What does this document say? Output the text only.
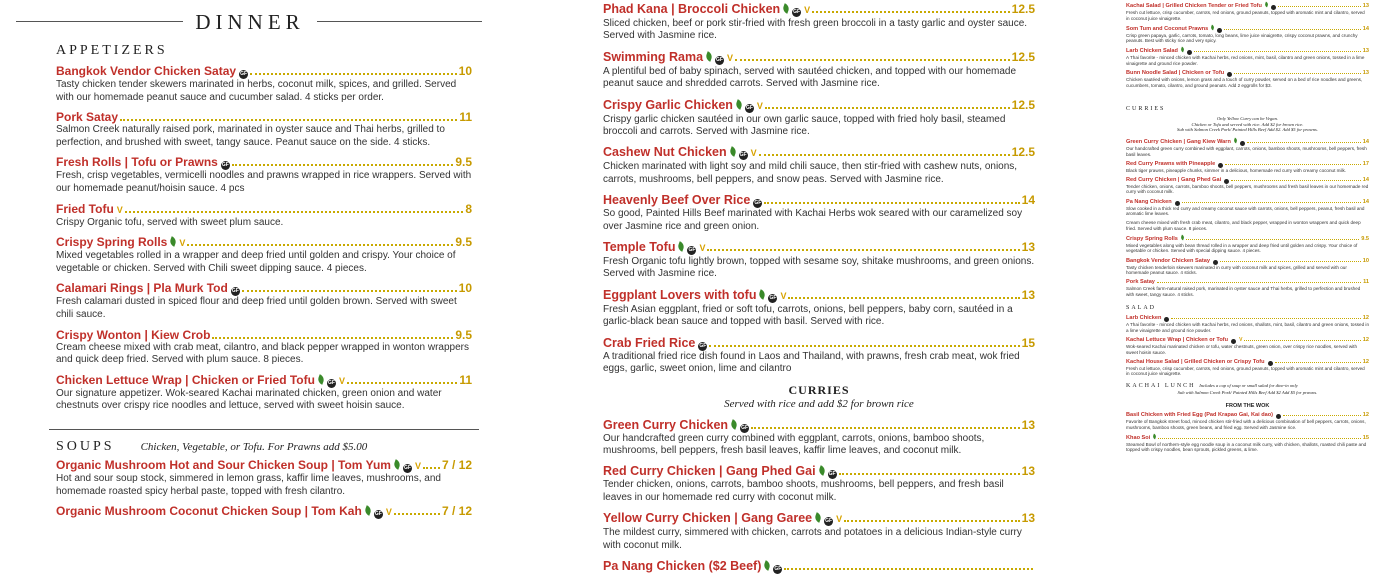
DINNER
APPETIZERS
Bangkok Vendor Chicken Satay GF	10
Tasty chicken tender skewers marinated in herbs, coconut milk, spices, and grilled. Served with our homemade peanut sauce and cucumber salad. 4 sticks per order.
Pork Satay	11
Salmon Creek naturally raised pork, marinated in oyster sauce and Thai herbs, grilled to perfection, and brushed with sweet, tangy sauce. Peanut sauce on the side. 4 sticks.
Fresh Rolls | Tofu or Prawns GF	9.5
Fresh, crisp vegetables, vermicelli noodles and prawns wrapped in rice wrappers. Served with our homemade peanut/hoisin sauce. 4 pcs
Fried Tofu V	8
Crispy Organic tofu, served with sweet plum sauce.
Crispy Spring Rolls V	9.5
Mixed vegetables rolled in a wrapper and deep fried until golden and crispy. Your choice of vegetable or chicken. Served with Chili sweet dipping sauce. 4 pieces.
Calamari Rings | Pla Murk Tod GF	10
Fresh calamari dusted in spiced flour and deep fried until golden brown. Served with sweet chili sauce.
Crispy Wonton | Kiew Crob	9.5
Cream cheese mixed with crab meat, cilantro, and black pepper wrapped in wonton wrappers and quick deep fried. Served with plum sauce. 8 pieces.
Chicken Lettuce Wrap | Chicken or Fried Tofu	GF V	11
Our signature appetizer. Wok-seared Kachai marinated chicken, green onion and water chestnuts over crispy rice noodles and lettuce, served with sweet hoisin sauce.
SOUPS Chicken, Vegetable, or Tofu. For Prawns add $5.00
Organic Mushroom Hot and Sour Chicken Soup | Tom Yum	GF V 7 / 12
Hot and sour soup stock, simmered in lemon grass, kaffir lime leaves, mushrooms, and homemade roasted spicy herbal paste, topped with fresh cilantro.
Organic Mushroom Coconut Chicken Soup | Tom Kah	GF V	7 / 12
Phad Kana | Broccoli Chicken	GF V	12.5
Sliced chicken, beef or pork stir-fried with fresh green broccoli in a tasty garlic and oyster sauce. Served with Jasmine rice.
Swimming Rama	GF V	12.5
A plentiful bed of baby spinach, served with sautéed chicken, and topped with our homemade peanut sauce and shredded carrots. Served with Jasmine rice.
Crispy Garlic Chicken	GF V	12.5
Crispy garlic chicken sautéed in our own garlic sauce, topped with fried holy basil, steamed broccoli and carrots. Served with Jasmine rice.
Cashew Nut Chicken	GF V	12.5
Chicken marinated with light soy and mild chili sauce, then stir-fried with cashew nuts, onions, carrots, mushrooms, bell peppers, and snow peas. Served with Jasmine rice.
Heavenly Beef Over Rice GF	14
So good, Painted Hills Beef marinated with Kachai Herbs wok seared with our caramelized soy over Jasmine rice and green onion.
Temple Tofu	GF V	13
Fresh Organic tofu lightly brown, topped with sesame soy, shitake mushrooms, and green onions. Served with Jasmine rice.
Eggplant Lovers with tofu	GF V	13
Fresh Asian eggplant, fried or soft tofu, carrots, onions, bell peppers, baby corn, sautéed in a garlic-black bean sauce and topped with basil. Served with rice.
Crab Fried Rice GF	15
A traditional fried rice dish found in Laos and Thailand, with prawns, fresh crab meat, wok fried eggs, garlic, sweet onion, lime and cilantro
CURRIES
Served with rice and add $2 for brown rice
Green Curry Chicken	GF	13
Our handcrafted green curry combined with eggplant, carrots, onions, bamboo shoots, mushrooms, bell peppers, fresh basil leaves, kaffir lime leaves, and coconut milk.
Red Curry Chicken | Gang Phed Gai	GF	13
Tender chicken, onions, carrots, bamboo shoots, mushrooms, bell peppers, and fresh basil leaves in our homemade red curry with coconut milk.
Yellow Curry Chicken | Gang Garee	GF V	13
The mildest curry, simmered with chicken, carrots and potatoes in a delicious Indian-style curry with coconut milk.
Pa Nang Chicken ($2 Beef)	GF
Kachai Salad | Grilled Chicken Tender or Fried Tofu	13
Fresh cut lettuce, crisp cucumber, carrots, red onions, ground peanuts, topped with aromatic mint and cilantro, served in coconut juice vinaigrette.
Som Tum and Coconut Prawns	14
Crisp green papaya, garlic, carrots, tomato, long beans, lime juice vinaigrette, crispy coconut prawns, and crunchy peanuts. Best with sticky rice and very spicy.
Larb Chicken Salad	13
A Thai favorite - minced chicken with Kachai herbs, red onions, mint, basil, cilantro and green onions, tossed in a lime vinaigrette and ground rice powder.
Bunn Noodle Salad | Chicken or Tofu	13
Chicken sautéed with onions, lemon grass and a touch of curry powder, served on a bed of rice noodles and greens, cucumbers, tomato, cilantro, and ground peanuts. Add 2 eggrolls for $3.
CURRIES
Only Yellow Curry can be Vegan.
Chicken or Tofu and served with rice. Add $2 for brown rice.
Sub with Salmon Creek Pork/ Painted Hills Beef Add $2. Add $5 for prawns.
Green Curry Chicken | Gang Kiew Warn	14
Our handcrafted green curry combined with eggplant, carrots, onions, bamboo shoots, mushrooms, bell peppers, fresh basil leaves.
Red Curry Prawns with Pineapple	17
Black tiger prawns, pineapple chunks, simmer in a delicious, homemade red curry with creamy coconut milk.
Red Curry Chicken | Gang Phed Gai	14
Tender chicken, onions, carrots, bamboo shoots, bell peppers, mushrooms and fresh basil leaves in our homemade red curry with coconut milk.
Pa Nang Chicken	14
Slow cooked in a thick red curry and creamy coconut sauce with carrots, onions, bell peppers, peanut, fresh basil and aromatic lime leaves.
Cream cheese mixed with fresh crab meat, cilantro, and black pepper, wrapped in wonton wrappers and quick deep fried. Served with plum sauce. 8 pieces.
Crispy Spring Rolls	9.5
Mixed vegetables along with bean thread rolled in a wrapper and deep fried until golden and crispy. Your choice of vegetable or chicken. Served with special dipping sauce. 4 pieces.
Bangkok Vendor Chicken Satay	10
Tasty chicken tenderloin skewers marinated in curry with coconut milk and spices, grilled and served with our homemade peanut sauce. 4 sticks.
Pork Satay	11
Salmon Creek farm-natural raised pork, marinated in oyster sauce and Thai herbs, grilled to perfection and brushed with sweet, tangy sauce. 4 sticks.
SALAD
Larb Chicken	12
A Thai favorite - minced chicken with Kachai herbs, red onions, shallots, mint, basil, cilantro and green onions, tossed in a lime vinaigrette and ground rice powder.
Kachai Lettuce Wrap | Chicken or Tofu V	12
Wok-seared Kachai marinated chicken or tofu, water chestnuts, green onion, over crispy rice noodles, served with sweet hoisin sauce.
Kachai House Salad | Grilled Chicken or Crispy Tofu	12
Fresh cut lettuce, crisp cucumber, carrots, red onions, ground peanuts, topped with aromatic mint and cilantro, served in coconut juice vinaigrette.
KACHAI LUNCH Includes a cup of soup or small salad for dine-in only
Sub with Salmon Creek Pork/ Painted Hills Beef Add $2 Add $5 for prawns.
FROM THE WOK
Basil Chicken with Fried Egg (Pad Krapao Gai, Kai dao)	12
Favorite of Bangkok street food, minced chicken stir-fried with a delicious combination of bell peppers, carrots, onions, mushrooms, bamboo shoots, green beans, and fried egg. Served with Jasmine rice.
Khao Soi	15
Steamed Bowl of northern-style egg noodle soup in a coconut milk curry, with chicken, shallots, roasted chili paste and topped with crispy noodles, bean sprouts, pickled greens, & lime.
